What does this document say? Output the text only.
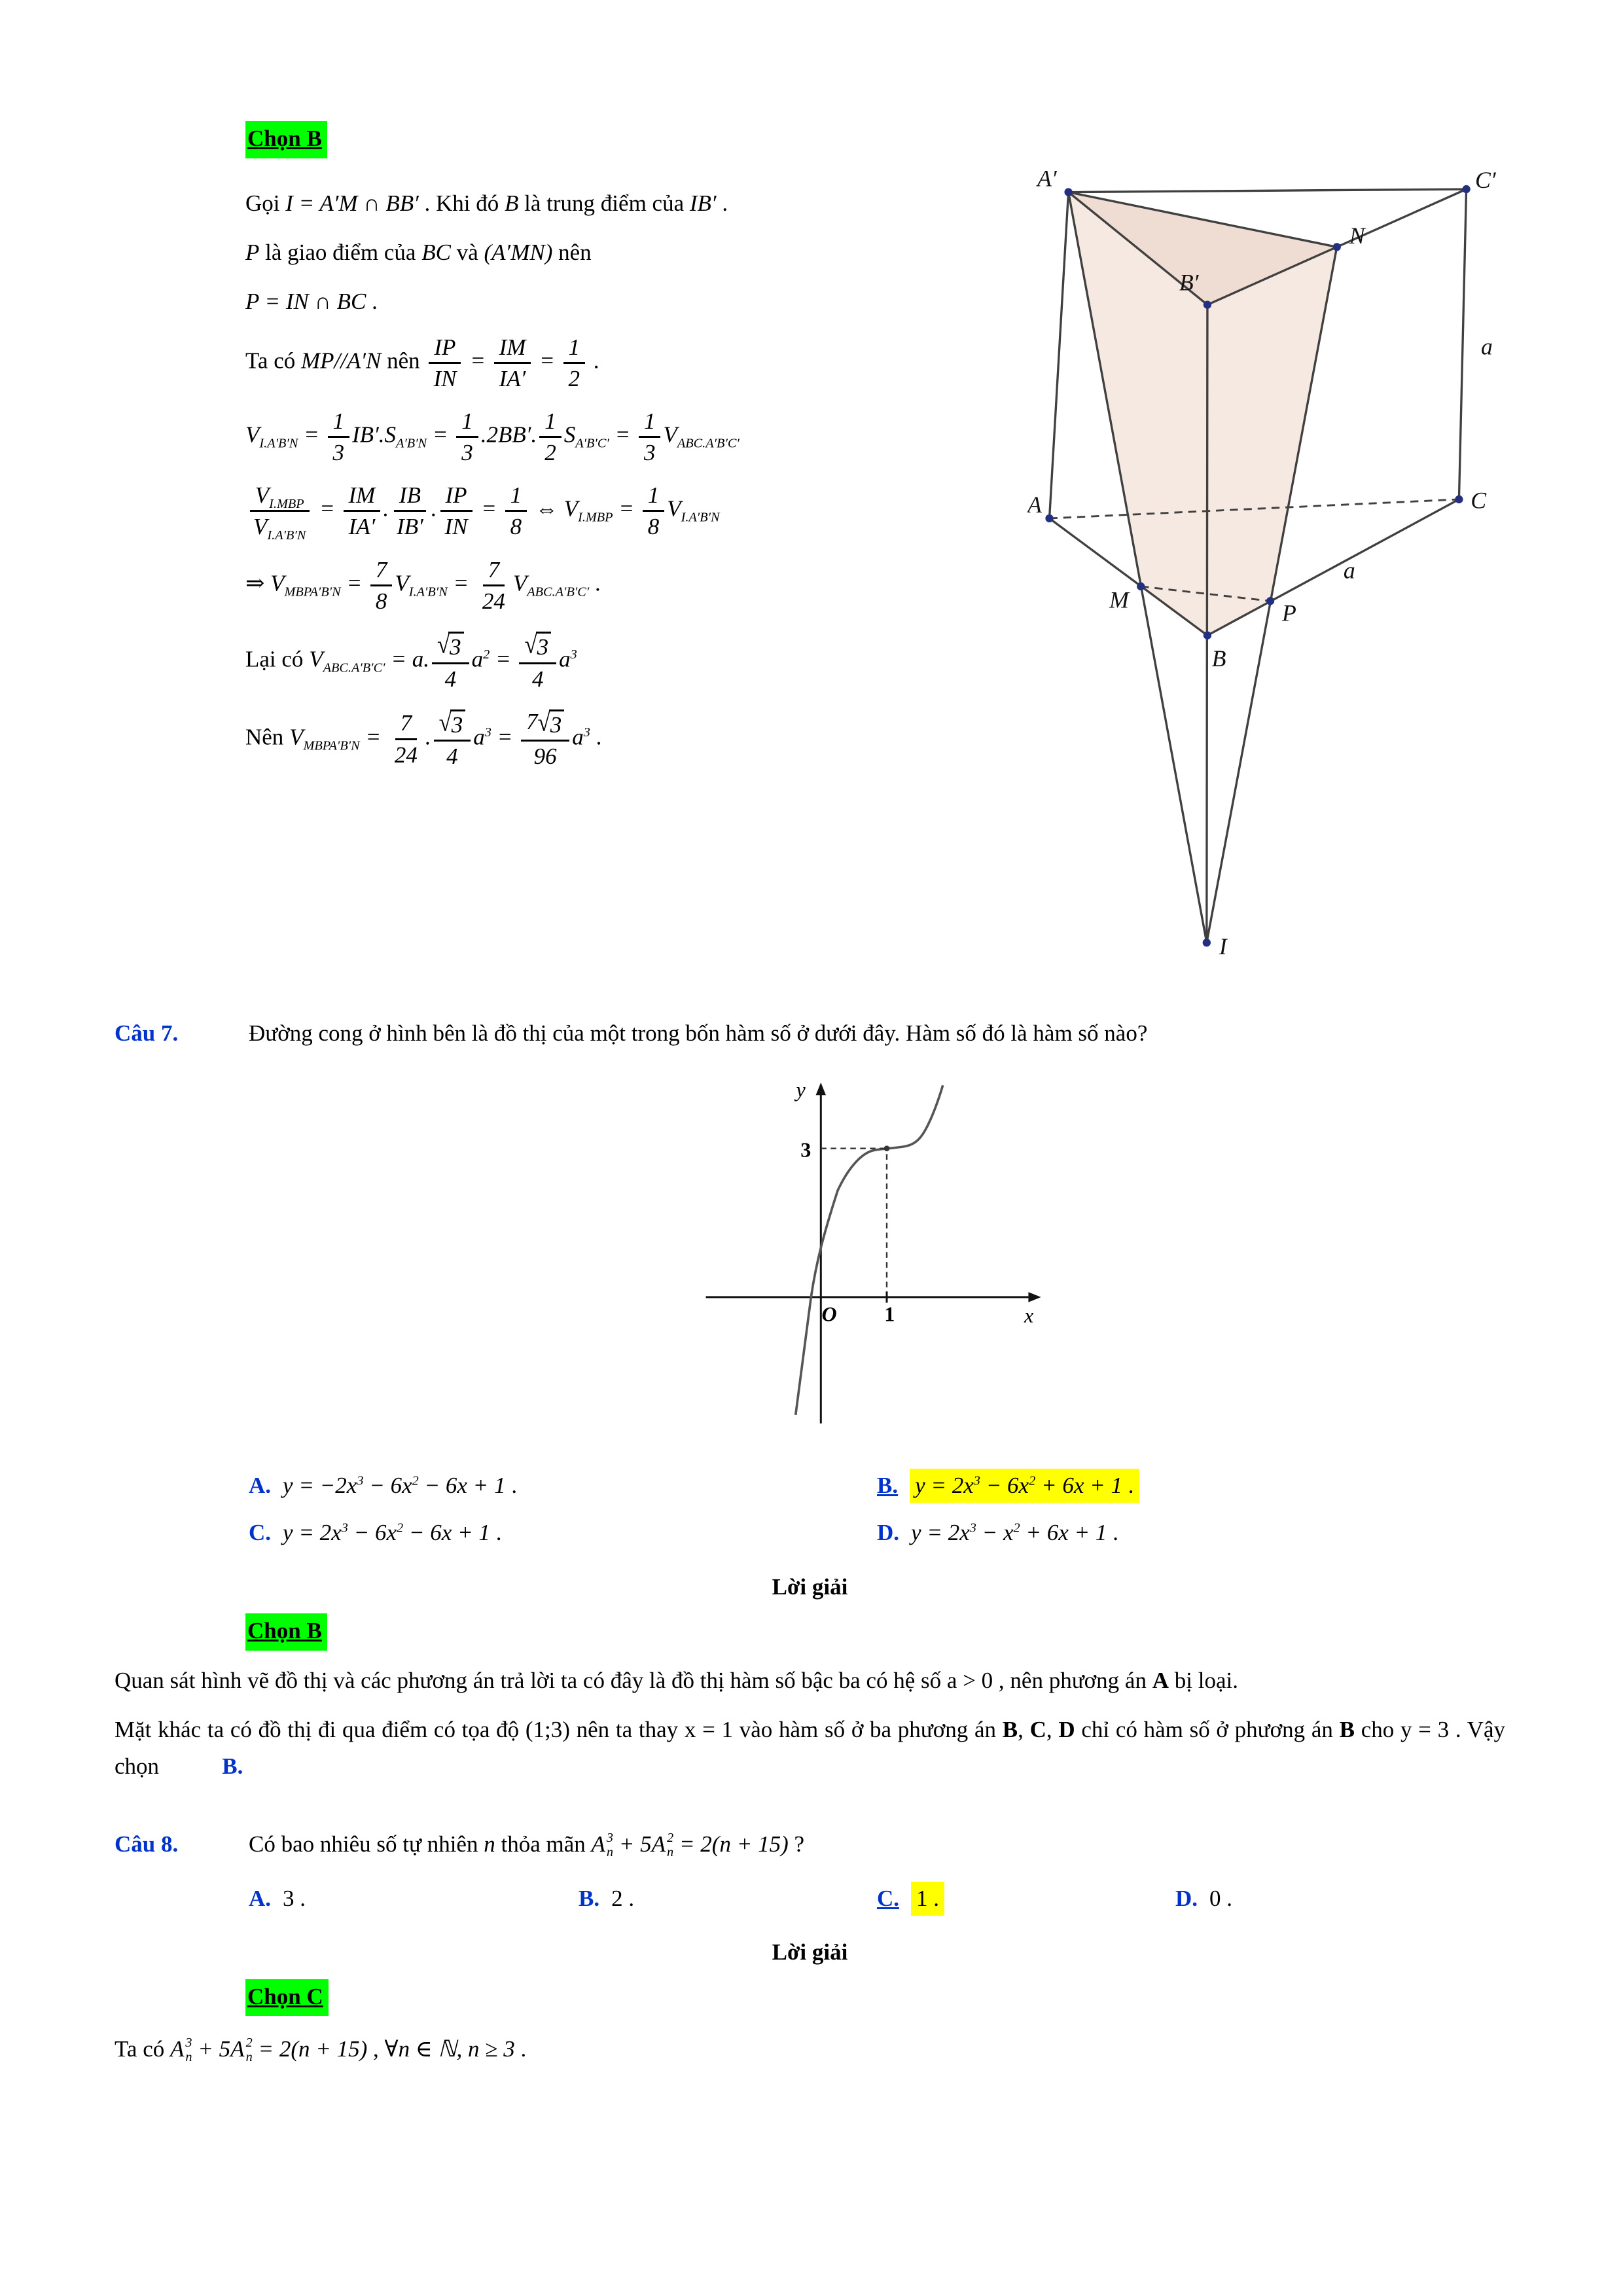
Chọn B
Gọi I = A′M ∩ BB′ . Khi đó B là trung điểm của IB′ .
P là giao điểm của BC và (A′MN) nên
P = IN ∩ BC .
Ta có MP//A′N nên $\frac{IP}{IN} = \frac{IM}{IA'} = \frac{1}{2}$ .
$V_{I.A'B'N} = \frac{1}{3} IB'.S_{A'B'N} = \frac{1}{3} .2BB'$. $\frac{1}{2} S_{A'B'C'} = \frac{1}{3} V_{ABC.A'B'C'}$
$V_{I.MBP}$
$V_{I.A'B'N}$
= $\frac{IM}{IA'}$ . $\frac{IB}{IB'}$ . $\frac{IP}{IN} = \frac{1}{8}$ ⇔ $V_{I.MBP} = \frac{1}{8} V_{I.A'B'N}$
⇒ $V_{MBPA'B'N} = \frac{7}{8} V_{I.A'B'N} = \frac{7}{24} V_{ABC.A'B'C'}$ .
Lại có $V_{ABC.A'B'C'} = a$. $\frac{√ 3}{4} a^2 = \frac{√ 3}{4} a^3$
Nên $V_{MBPA'B'N} = \frac{7}{24}$ . $\frac{√ 3}{4} a^3 = \frac{7 √ 3}{96} a^3$ .
A′	C′
N
B′
a
A	C
M
a
P
B
I
Câu 7.	Đường cong ở hình bên là đồ thị của một trong bốn hàm số ở dưới đây. Hàm số đó là hàm số nào?

y
3
O	1	x
A. $y = -2x^3 - 6x^2 - 6x + 1$ .	B. $y = 2x^3 - 6x^2 + 6x + 1$ .
C. $y = 2x^3 - 6x^2 - 6x + 1$ .	D. $y = 2x^3 - x^2 + 6x + 1$ .
Lời giải
Chọn B

Quan sát hình vẽ đồ thị và các phương án trả lời ta có đây là đồ thị hàm số bậc ba có hệ số a > 0 , nên phương án A bị loại.

Mặt khác ta có đồ thị đi qua điểm có tọa độ (1;3) nên ta thay x = 1 vào hàm số ở ba phương án B, C, D chỉ có hàm số ở phương án B cho y = 3 . Vậy chọn	B.

Câu 8.	Có bao nhiêu số tự nhiên n thỏa mãn A 3
n + 5 A 2
n = 2(n + 15) ?

A. 3 .	B. 2 .	C. 1 .	D. 0 .
Lời giải
Chọn C
Ta có A 3
n + 5 A 2
n = 2(n + 15) , ∀n ∈ ℕ, n ≥ 3 .
